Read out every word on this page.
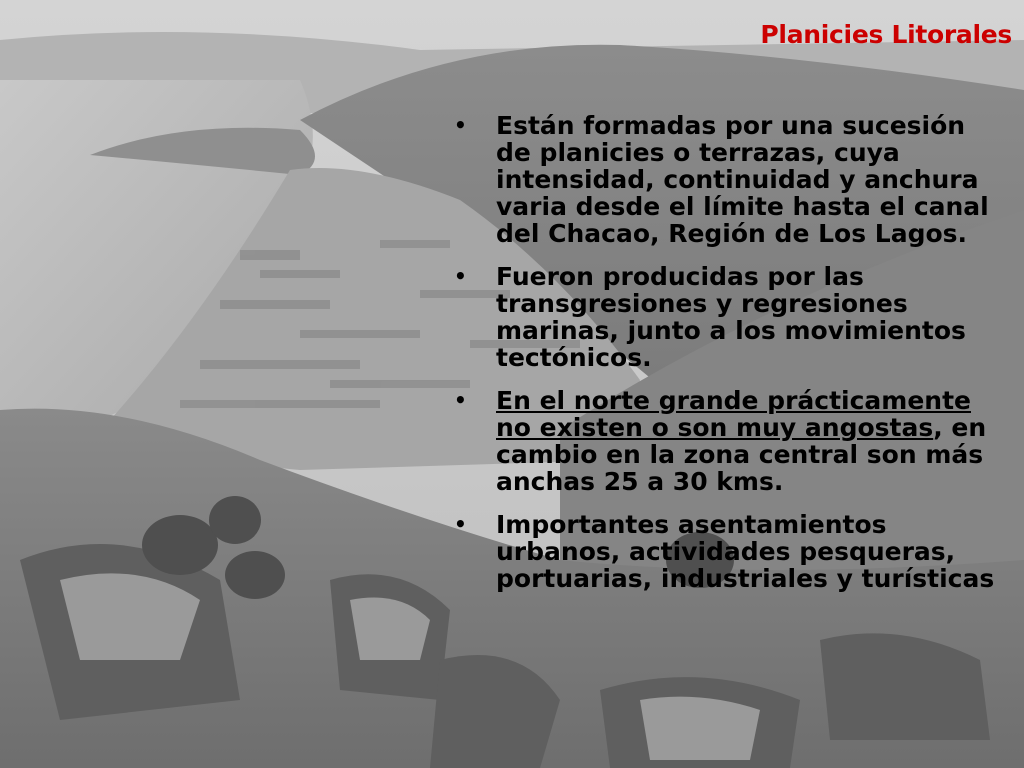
Planicies Litorales
• Están formadas por una sucesión de planicies o terrazas, cuya intensidad, continuidad y anchura varia desde el límite hasta el canal del Chacao, Región de Los Lagos.
• Fueron producidas por las transgresiones y regresiones marinas, junto a los movimientos tectónicos.
• En el norte grande prácticamente no existen o son muy angostas, en cambio en la zona central son más anchas 25 a 30 kms.
• Importantes asentamientos urbanos, actividades pesqueras, portuarias, industriales y turísticas
